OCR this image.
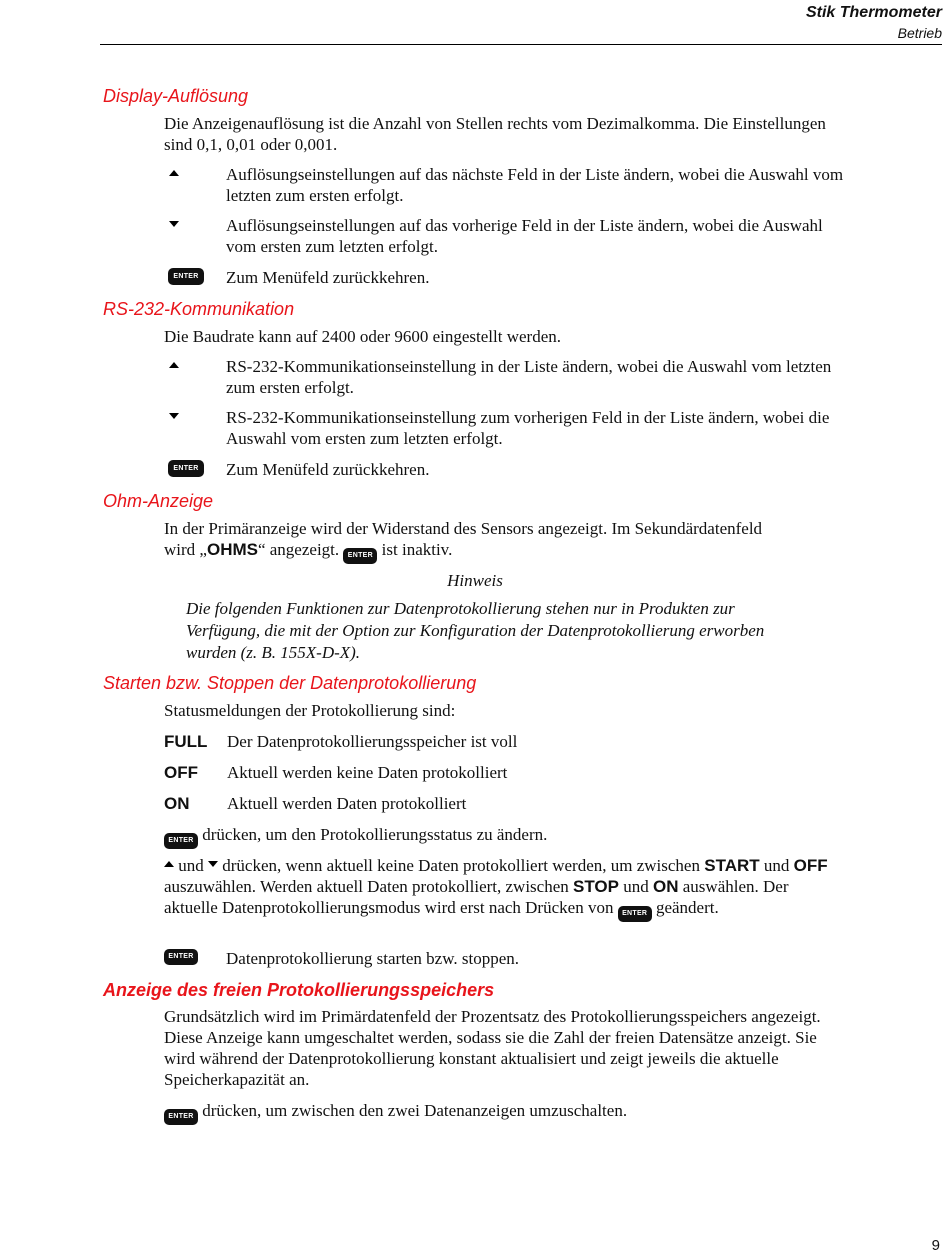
Stik Thermometer
Betrieb
Display-Auflösung

Die Anzeigenauflösung ist die Anzahl von Stellen rechts vom Dezimalkomma. Die Einstellungen sind 0,1, 0,01 oder 0,001.

Auflösungseinstellungen auf das nächste Feld in der Liste ändern, wobei die Auswahl vom letzten zum ersten erfolgt.
Auflösungseinstellungen auf das vorherige Feld in der Liste ändern, wobei die Auswahl vom ersten zum letzten erfolgt.
ENTER	Zum Menüfeld zurückkehren.
RS-232-Kommunikation

Die Baudrate kann auf 2400 oder 9600 eingestellt werden.

RS-232-Kommunikationseinstellung in der Liste ändern, wobei die Auswahl vom letzten zum ersten erfolgt.
RS-232-Kommunikationseinstellung zum vorherigen Feld in der Liste ändern, wobei die Auswahl vom ersten zum letzten erfolgt.
ENTER	Zum Menüfeld zurückkehren.
Ohm-Anzeige

In der Primäranzeige wird der Widerstand des Sensors angezeigt. Im Sekundärdatenfeld
wird „OHMS“ angezeigt. ENTER ist inaktiv.

Hinweis
Die folgenden Funktionen zur Datenprotokollierung stehen nur in Produkten zur Verfügung, die mit der Option zur Konfiguration der Datenprotokollierung erworben wurden (z. B. 155X-D-X).
Starten bzw. Stoppen der Datenprotokollierung

Statusmeldungen der Protokollierung sind:

FULL Der Datenprotokollierungsspeicher ist voll
OFF Aktuell werden keine Daten protokolliert
ON Aktuell werden Daten protokolliert

ENTER drücken, um den Protokollierungsstatus zu ändern.

und drücken, wenn aktuell keine Daten protokolliert werden, um zwischen START und OFF auszuwählen. Werden aktuell Daten protokolliert, zwischen STOP und ON auswählen. Der aktuelle Datenprotokollierungsmodus wird erst nach Drücken von ENTER geändert.

ENTER Datenprotokollierung starten bzw. stoppen.
Anzeige des freien Protokollierungsspeichers

Grundsätzlich wird im Primärdatenfeld der Prozentsatz des Protokollierungsspeichers angezeigt. Diese Anzeige kann umgeschaltet werden, sodass sie die Zahl der freien Datensätze anzeigt. Sie wird während der Datenprotokollierung konstant aktualisiert und zeigt jeweils die aktuelle Speicherkapazität an.

ENTER drücken, um zwischen den zwei Datenanzeigen umzuschalten.

9
